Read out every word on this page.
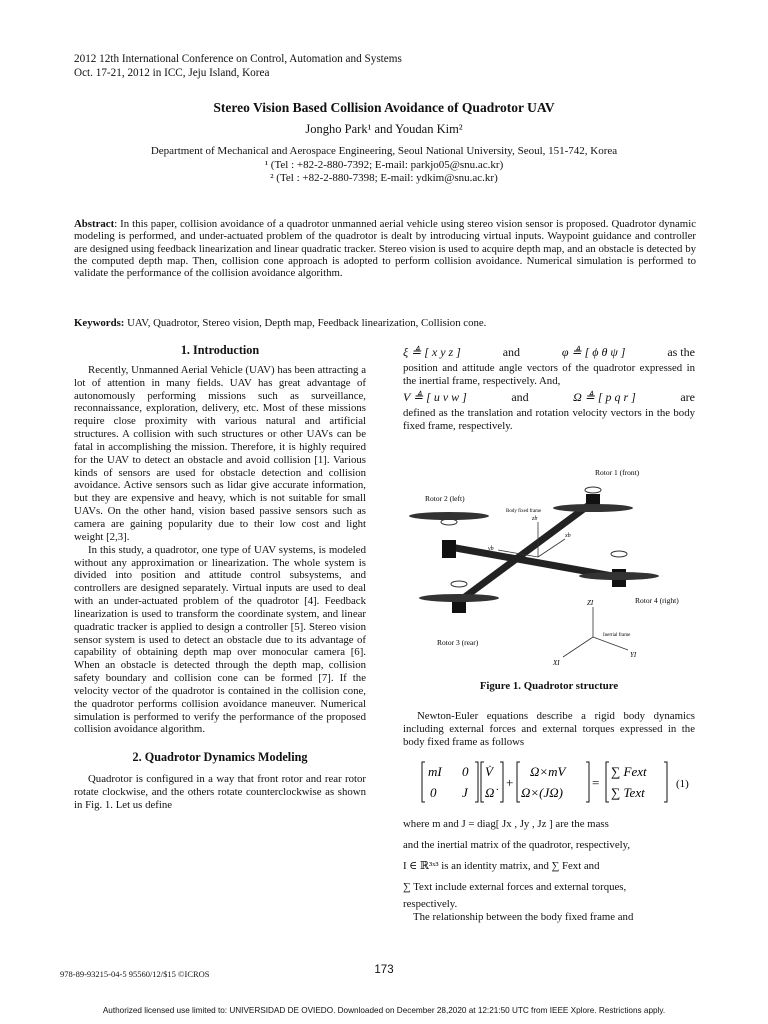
2012 12th International Conference on Control, Automation and Systems
Oct. 17-21, 2012 in ICC, Jeju Island, Korea
Stereo Vision Based Collision Avoidance of Quadrotor UAV
Jongho Park¹ and Youdan Kim²
Department of Mechanical and Aerospace Engineering, Seoul National University, Seoul, 151-742, Korea
¹ (Tel : +82-2-880-7392; E-mail: parkjo05@snu.ac.kr)
² (Tel : +82-2-880-7398; E-mail: ydkim@snu.ac.kr)
Abstract: In this paper, collision avoidance of a quadrotor unmanned aerial vehicle using stereo vision sensor is proposed. Quadrotor dynamic modeling is performed, and under-actuated problem of the quadrotor is dealt by introducing virtual inputs. Waypoint guidance and controller are designed using feedback linearization and linear quadratic tracker. Stereo vision is used to acquire depth map, and an obstacle is detected by the computed depth map. Then, collision cone approach is adopted to perform collision avoidance. Numerical simulation is performed to validate the performance of the collision avoidance algorithm.
Keywords: UAV, Quadrotor, Stereo vision, Depth map, Feedback linearization, Collision cone.
1. Introduction

Recently, Unmanned Aerial Vehicle (UAV) has been attracting a lot of attention in many fields. UAV has great advantage of autonomously performing missions such as surveillance, reconnaissance, exploration, delivery, etc. Most of these missions require close proximity with various natural and artificial structures. A collision with such structures or other UAVs can be fatal in accomplishing the mission. Therefore, it is highly required for the UAV to detect an obstacle and avoid collision [1]. Various kinds of sensors are used for obstacle detection and collision avoidance. Active sensors such as lidar give accurate information, but they are expensive and heavy, which is not suitable for small UAVs. On the other hand, vision based passive sensors such as camera are gaining popularity due to their low cost and light weight [2,3].

In this study, a quadrotor, one type of UAV systems, is modeled without any approximation or linearization. The whole system is divided into position and attitude control subsystems, and controllers are designed separately. Virtual inputs are used to deal with an under-actuated problem of the quadrotor [4]. Feedback linearization is used to transform the coordinate system, and linear quadratic tracker is applied to design a controller [5]. Stereo vision sensor system is used to detect an obstacle due to its advantage of capability of obtaining depth map over monocular camera [6]. When an obstacle is detected through the depth map, collision safety boundary and collision cone can be formed [7]. If the velocity vector of the quadrotor is contained in the collision cone, the quadrotor performs collision avoidance maneuver. Numerical simulation is performed to verify the performance of the proposed collision avoidance algorithm.

2. Quadrotor Dynamics Modeling

Quadrotor is configured in a way that front rotor and rear rotor rotate clockwise, and the others rotate counterclockwise as shown in Fig. 1. Let us define

ξ ≜ [ x y z ]	and	φ ≜ [ ϕ θ ψ ]	as the
position and attitude angle vectors of the quadrotor expressed in the inertial frame, respectively. And,
V ≜ [ u v w ]	and	Ω ≜ [ p q r ]	are
defined as the translation and rotation velocity vectors in the body fixed frame, respectively.
Rotor 1 (front)
Rotor 2 (left)
Rotor 3 (rear)
Rotor 4 (right)
Body fixed frame
Inertial frame
zb
xb
yb
ZI
XI
YI
Figure 1. Quadrotor structure

Newton-Euler equations describe a rigid body dynamics including external forces and external torques expressed in the body fixed frame as follows

mI 0
0 J
V̇
Ω̇
+
Ω×mV
Ω×(JΩ)
=
∑ Fext
∑ Text
(1)
where m and J = diag[ Jx , Jy , Jz ] are the mass
and the inertial matrix of the quadrotor, respectively,
I ∈ ℝ³ˣ³ is an identity matrix, and ∑ Fext and
∑ Text include external forces and external torques,
respectively.
The relationship between the body fixed frame and
978-89-93215-04-5 95560/12/$15 ©ICROS	173
Authorized licensed use limited to: UNIVERSIDAD DE OVIEDO. Downloaded on December 28,2020 at 12:21:50 UTC from IEEE Xplore. Restrictions apply.
